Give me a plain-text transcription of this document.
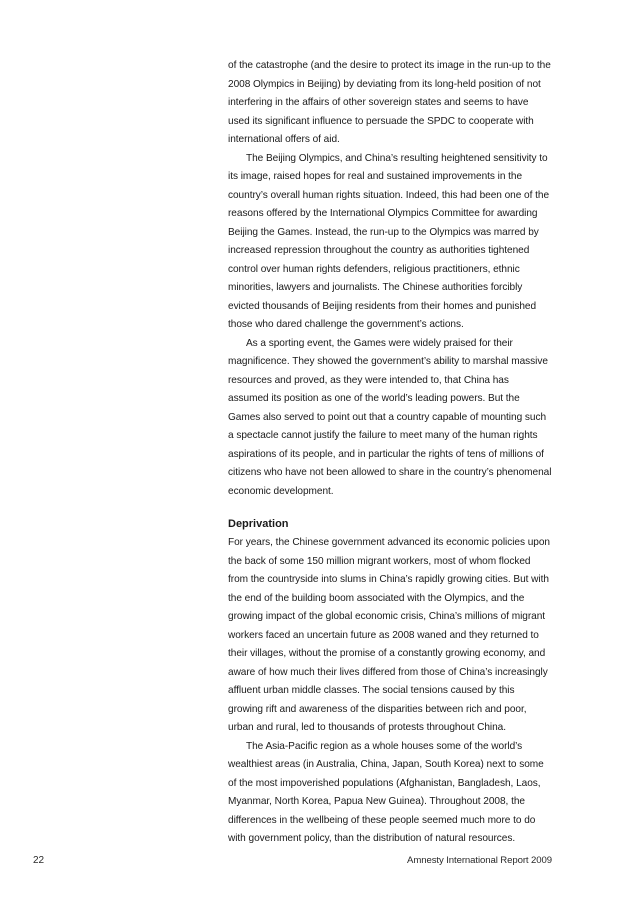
of the catastrophe (and the desire to protect its image in the run-up to the 2008 Olympics in Beijing) by deviating from its long-held position of not interfering in the affairs of other sovereign states and seems to have used its significant influence to persuade the SPDC to cooperate with international offers of aid.

The Beijing Olympics, and China’s resulting heightened sensitivity to its image, raised hopes for real and sustained improvements in the country’s overall human rights situation. Indeed, this had been one of the reasons offered by the International Olympics Committee for awarding Beijing the Games. Instead, the run-up to the Olympics was marred by increased repression throughout the country as authorities tightened control over human rights defenders, religious practitioners, ethnic minorities, lawyers and journalists. The Chinese authorities forcibly evicted thousands of Beijing residents from their homes and punished those who dared challenge the government’s actions.

As a sporting event, the Games were widely praised for their magnificence. They showed the government’s ability to marshal massive resources and proved, as they were intended to, that China has assumed its position as one of the world’s leading powers. But the Games also served to point out that a country capable of mounting such a spectacle cannot justify the failure to meet many of the human rights aspirations of its people, and in particular the rights of tens of millions of citizens who have not been allowed to share in the country’s phenomenal economic development.

Deprivation

For years, the Chinese government advanced its economic policies upon the back of some 150 million migrant workers, most of whom flocked from the countryside into slums in China’s rapidly growing cities. But with the end of the building boom associated with the Olympics, and the growing impact of the global economic crisis, China’s millions of migrant workers faced an uncertain future as 2008 waned and they returned to their villages, without the promise of a constantly growing economy, and aware of how much their lives differed from those of China’s increasingly affluent urban middle classes. The social tensions caused by this growing rift and awareness of the disparities between rich and poor, urban and rural, led to thousands of protests throughout China.

The Asia-Pacific region as a whole houses some of the world’s wealthiest areas (in Australia, China, Japan, South Korea) next to some of the most impoverished populations (Afghanistan, Bangladesh, Laos, Myanmar, North Korea, Papua New Guinea). Throughout 2008, the differences in the wellbeing of these people seemed much more to do with government policy, than the distribution of natural resources.

22	Amnesty International Report 2009
